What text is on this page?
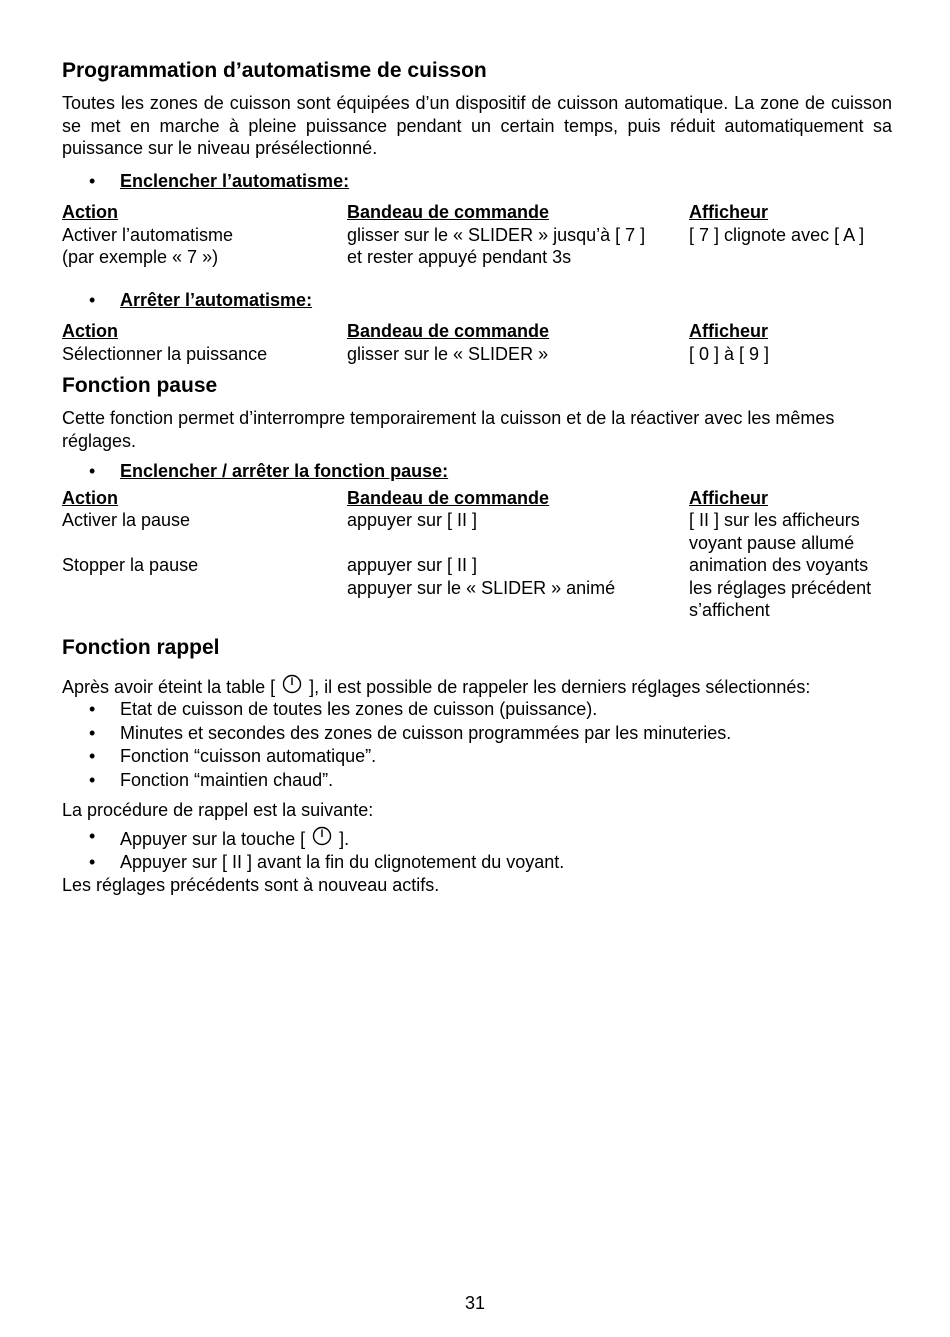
Programmation d’automatisme de cuisson

Toutes les zones de cuisson sont équipées d’un dispositif de cuisson automatique. La zone de cuisson se met en marche à pleine puissance pendant un certain temps, puis réduit automatiquement sa puissance sur le niveau présélectionné.

• Enclencher l’automatisme:
Action	Bandeau de commande	Afficheur
Activer l’automatisme	glisser sur le « SLIDER » jusqu’à [ 7 ]	[ 7 ] clignote avec [ A ]
(par exemple « 7 »)	et rester appuyé pendant 3s	
• Arrêter l’automatisme:
Action	Bandeau de commande	Afficheur
Sélectionner la puissance	glisser sur le « SLIDER »	[ 0 ] à [ 9 ]
Fonction pause

Cette fonction permet d’interrompre temporairement la cuisson et de la réactiver avec les mêmes réglages.

• Enclencher / arrêter la fonction pause:
Action	Bandeau de commande	Afficheur
Activer la pause	appuyer sur [ II ]	[ II ] sur les afficheurs
		voyant pause allumé
Stopper la pause	appuyer sur [ II ]	animation des voyants
	appuyer sur le « SLIDER » animé	les réglages précédent
		s’affichent
Fonction rappel

Après avoir éteint la table [ ], il est possible de rappeler les derniers réglages sélectionnés:

• Etat de cuisson de toutes les zones de cuisson (puissance).
• Minutes et secondes des zones de cuisson programmées par les minuteries.
• Fonction “cuisson automatique”.
• Fonction “maintien chaud”.

La procédure de rappel est la suivante:

• Appuyer sur la touche [ ].
• Appuyer sur [ II ] avant la fin du clignotement du voyant.

Les réglages précédents sont à nouveau actifs.

31
